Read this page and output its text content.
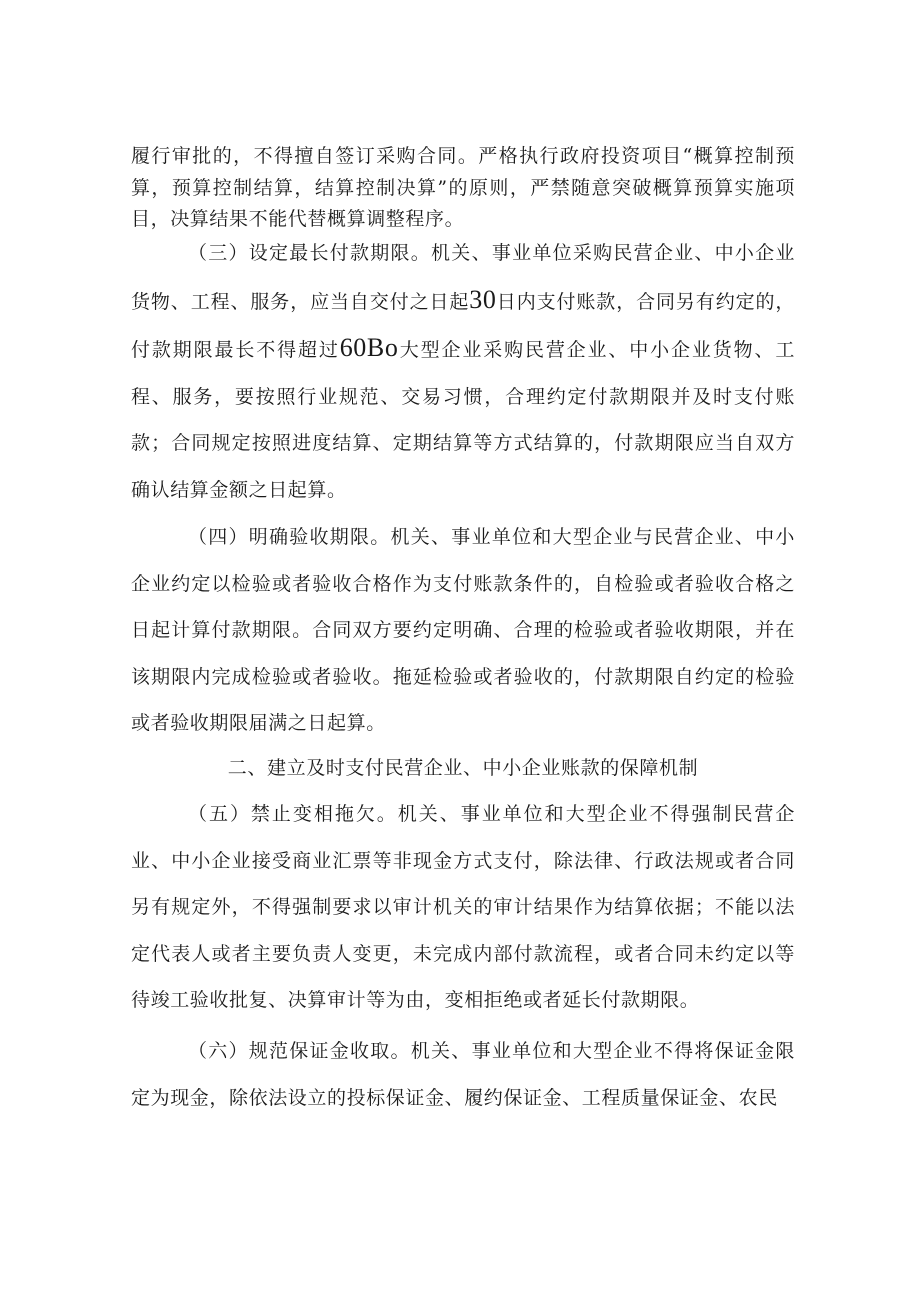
履行审批的，不得擅自签订采购合同。严格执行政府投资项目“概算控制预算，预算控制结算，结算控制决算”的原则，严禁随意突破概算预算实施项目，决算结果不能代替概算调整程序。

（三）设定最长付款期限。机关、事业单位采购民营企业、中小企业货物、工程、服务，应当自交付之日起30日内支付账款，合同另有约定的，付款期限最长不得超过60Bo大型企业采购民营企业、中小企业货物、工程、服务，要按照行业规范、交易习惯，合理约定付款期限并及时支付账款；合同规定按照进度结算、定期结算等方式结算的，付款期限应当自双方确认结算金额之日起算。

（四）明确验收期限。机关、事业单位和大型企业与民营企业、中小企业约定以检验或者验收合格作为支付账款条件的，自检验或者验收合格之日起计算付款期限。合同双方要约定明确、合理的检验或者验收期限，并在该期限内完成检验或者验收。拖延检验或者验收的，付款期限自约定的检验或者验收期限届满之日起算。

二、建立及时支付民营企业、中小企业账款的保障机制

（五）禁止变相拖欠。机关、事业单位和大型企业不得强制民营企业、中小企业接受商业汇票等非现金方式支付，除法律、行政法规或者合同另有规定外，不得强制要求以审计机关的审计结果作为结算依据；不能以法定代表人或者主要负责人变更，未完成内部付款流程，或者合同未约定以等待竣工验收批复、决算审计等为由，变相拒绝或者延长付款期限。

（六）规范保证金收取。机关、事业单位和大型企业不得将保证金限定为现金，除依法设立的投标保证金、履约保证金、工程质量保证金、农民
